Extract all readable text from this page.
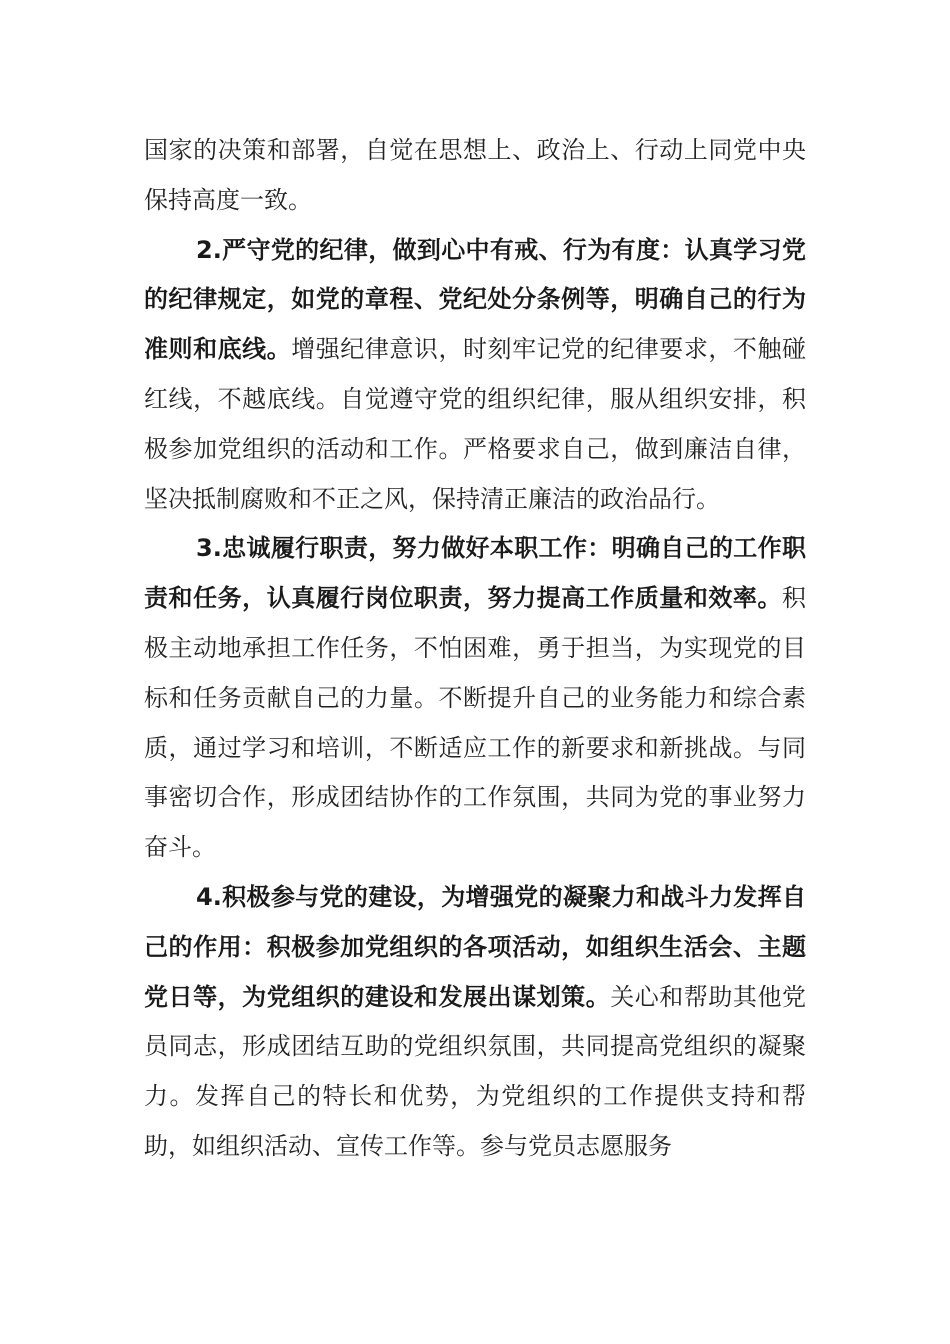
国家的决策和部署，自觉在思想上、政治上、行动上同党中央保持高度一致。

2.严守党的纪律，做到心中有戒、行为有度：认真学习党的纪律规定，如党的章程、党纪处分条例等，明确自己的行为准则和底线。增强纪律意识，时刻牢记党的纪律要求，不触碰红线，不越底线。自觉遵守党的组织纪律，服从组织安排，积极参加党组织的活动和工作。严格要求自己，做到廉洁自律，坚决抵制腐败和不正之风，保持清正廉洁的政治品行。

3.忠诚履行职责，努力做好本职工作：明确自己的工作职责和任务，认真履行岗位职责，努力提高工作质量和效率。积极主动地承担工作任务，不怕困难，勇于担当，为实现党的目标和任务贡献自己的力量。不断提升自己的业务能力和综合素质，通过学习和培训，不断适应工作的新要求和新挑战。与同事密切合作，形成团结协作的工作氛围，共同为党的事业努力奋斗。

4.积极参与党的建设，为增强党的凝聚力和战斗力发挥自己的作用：积极参加党组织的各项活动，如组织生活会、主题党日等，为党组织的建设和发展出谋划策。关心和帮助其他党员同志，形成团结互助的党组织氛围，共同提高党组织的凝聚力。发挥自己的特长和优势，为党组织的工作提供支持和帮助，如组织活动、宣传工作等。参与党员志愿服务
